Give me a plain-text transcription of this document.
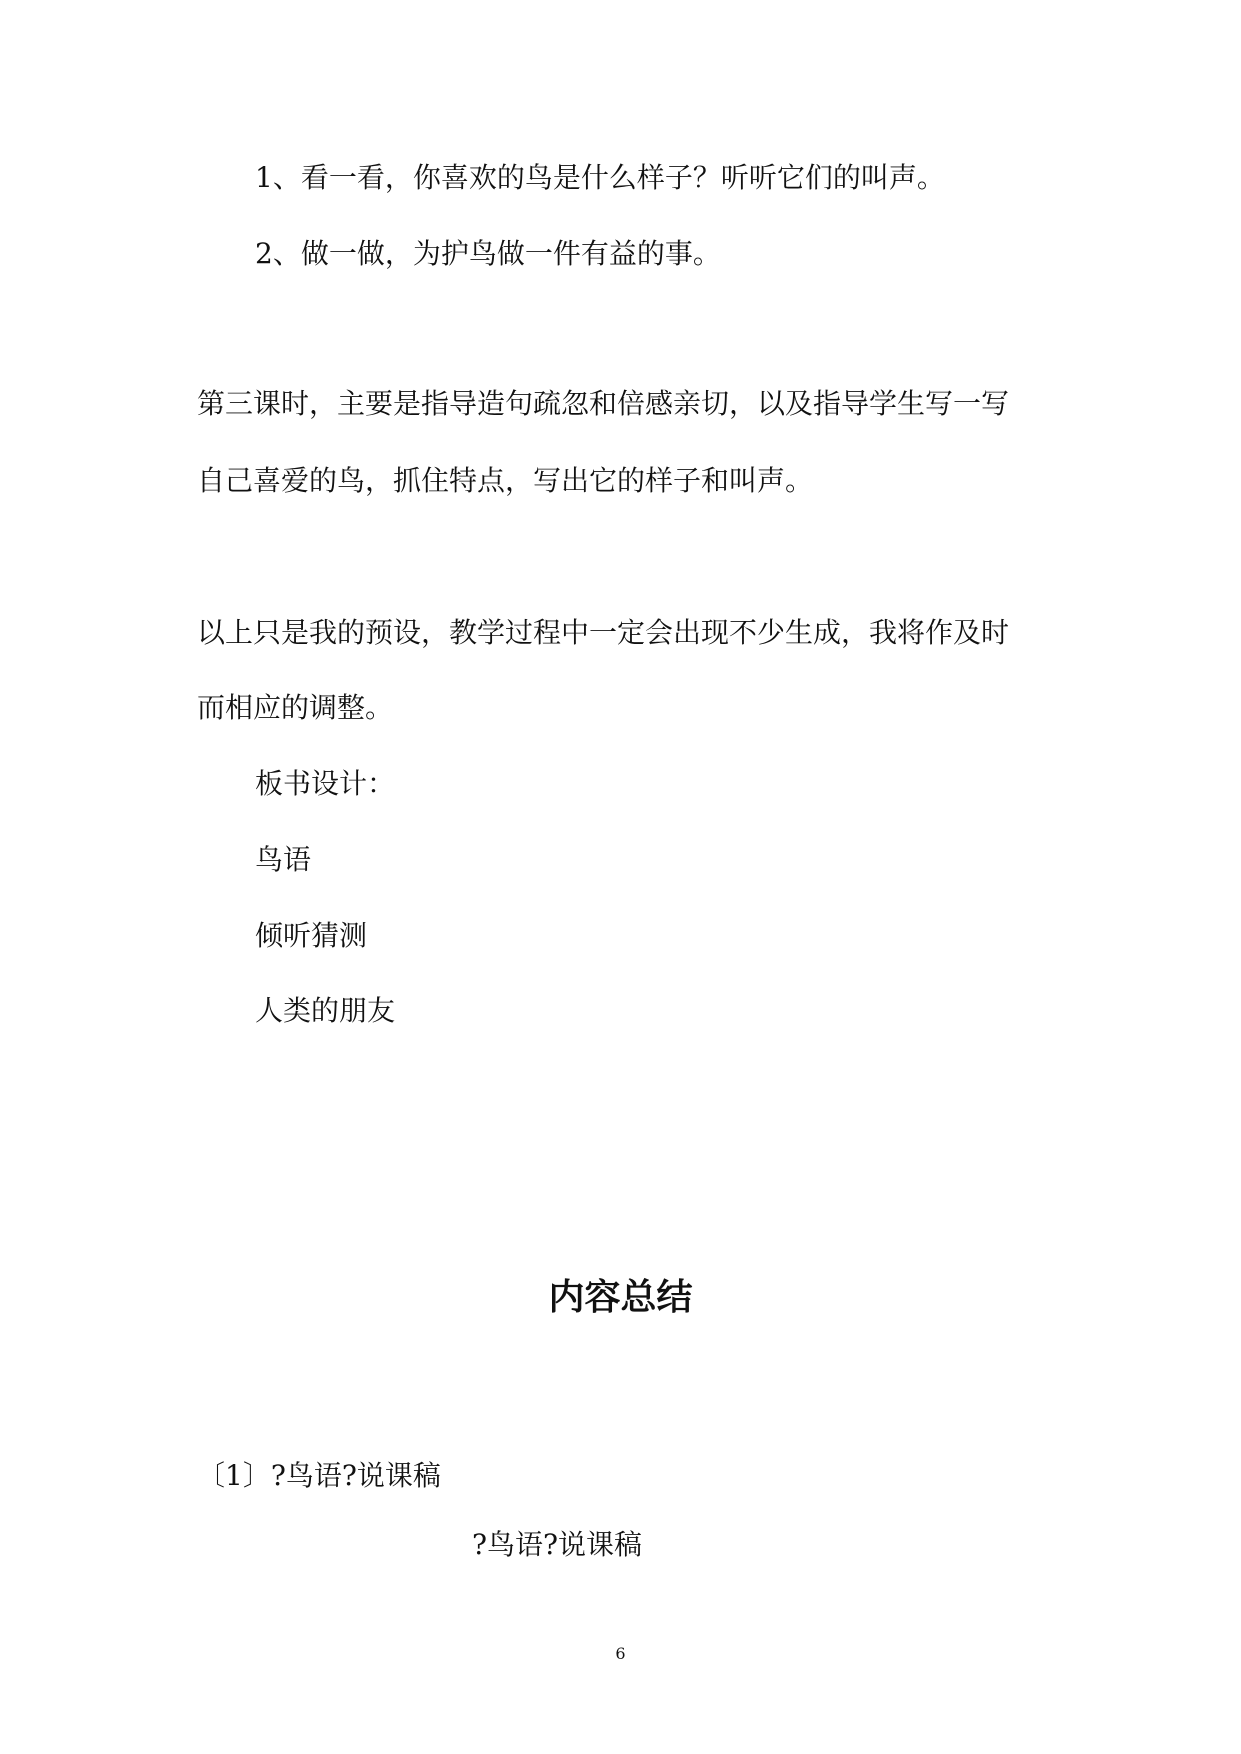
1、看一看，你喜欢的鸟是什么样子？听听它们的叫声。

2、做一做，为护鸟做一件有益的事。

第三课时，主要是指导造句疏忽和倍感亲切，以及指导学生写一写

自己喜爱的鸟，抓住特点，写出它的样子和叫声。

以上只是我的预设，教学过程中一定会出现不少生成，我将作及时

而相应的调整。

板书设计：

鸟语

倾听猜测

人类的朋友

内容总结

〔1〕?鸟语?说课稿

?鸟语?说课稿

6
